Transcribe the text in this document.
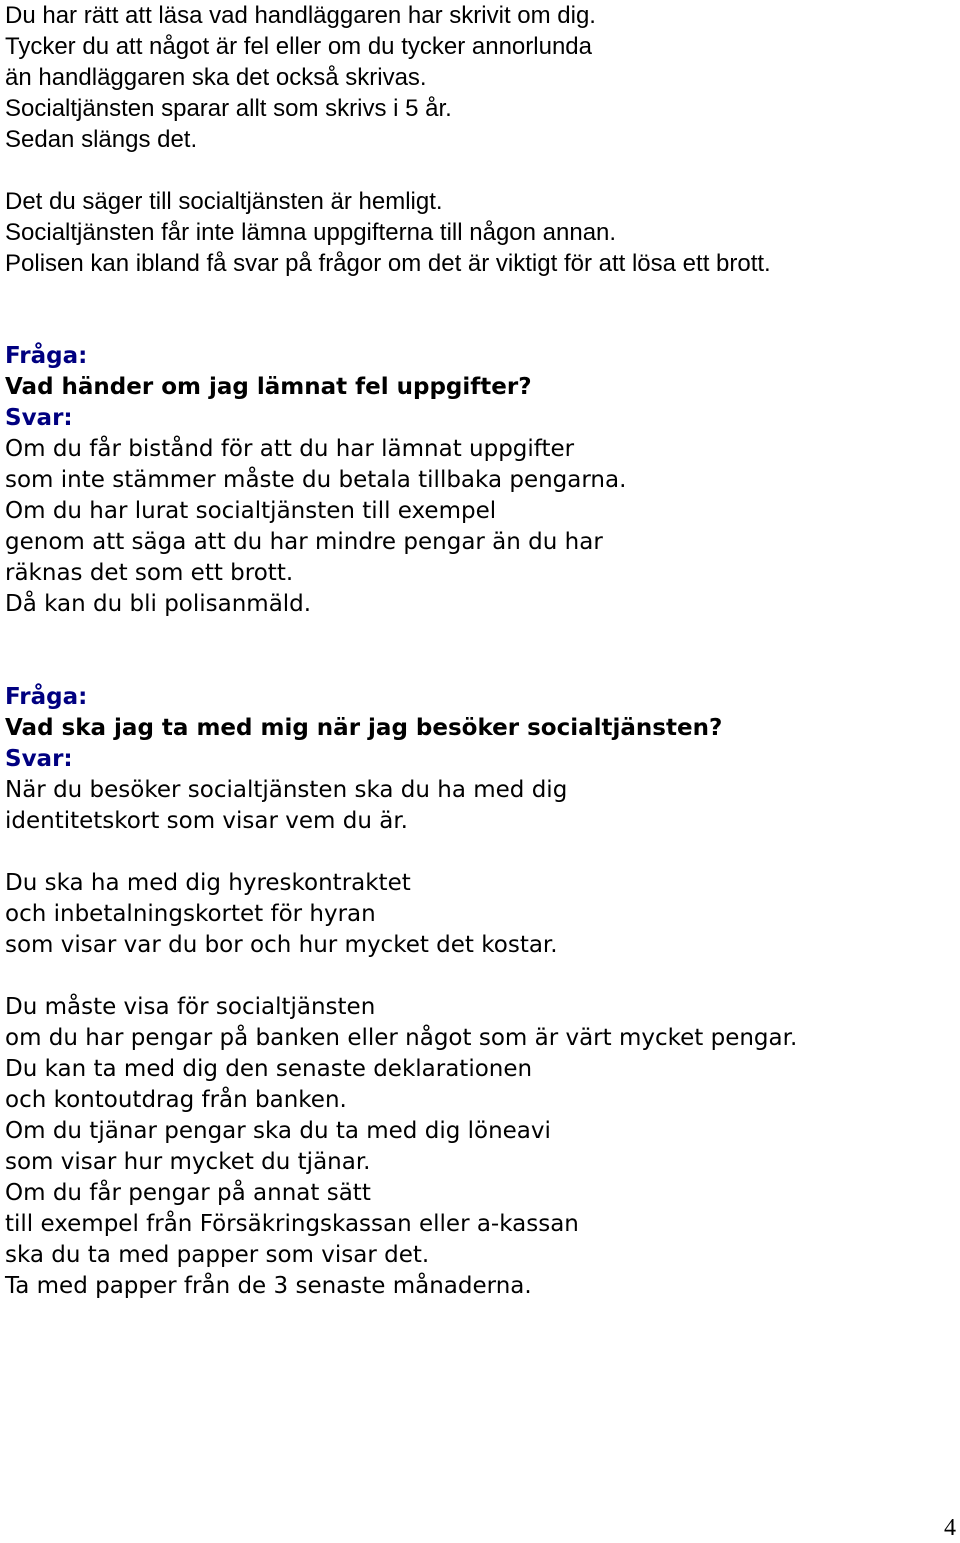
Du har rätt att läsa vad handläggaren har skrivit om dig.
Tycker du att något är fel eller om du tycker annorlunda
än handläggaren ska det också skrivas.
Socialtjänsten sparar allt som skrivs i 5 år.
Sedan slängs det.
Det du säger till socialtjänsten är hemligt.
Socialtjänsten får inte lämna uppgifterna till någon annan.
Polisen kan ibland få svar på frågor om det är viktigt för att lösa ett brott.
Fråga:
Vad händer om jag lämnat fel uppgifter?
Svar:
Om du får bistånd för att du har lämnat uppgifter
som inte stämmer måste du betala tillbaka pengarna.
Om du har lurat socialtjänsten till exempel
genom att säga att du har mindre pengar än du har
räknas det som ett brott.
Då kan du bli polisanmäld.
Fråga:
Vad ska jag ta med mig när jag besöker socialtjänsten?
Svar:
När du besöker socialtjänsten ska du ha med dig
identitetskort som visar vem du är.
Du ska ha med dig hyreskontraktet
och inbetalningskortet för hyran
som visar var du bor och hur mycket det kostar.
Du måste visa för socialtjänsten
om du har pengar på banken eller något som är värt mycket pengar.
Du kan ta med dig den senaste deklarationen
och kontoutdrag från banken.
Om du tjänar pengar ska du ta med dig löneavi
som visar hur mycket du tjänar.
Om du får pengar på annat sätt
till exempel från Försäkringskassan eller a-kassan
ska du ta med papper som visar det.
Ta med papper från de 3 senaste månaderna.
4
